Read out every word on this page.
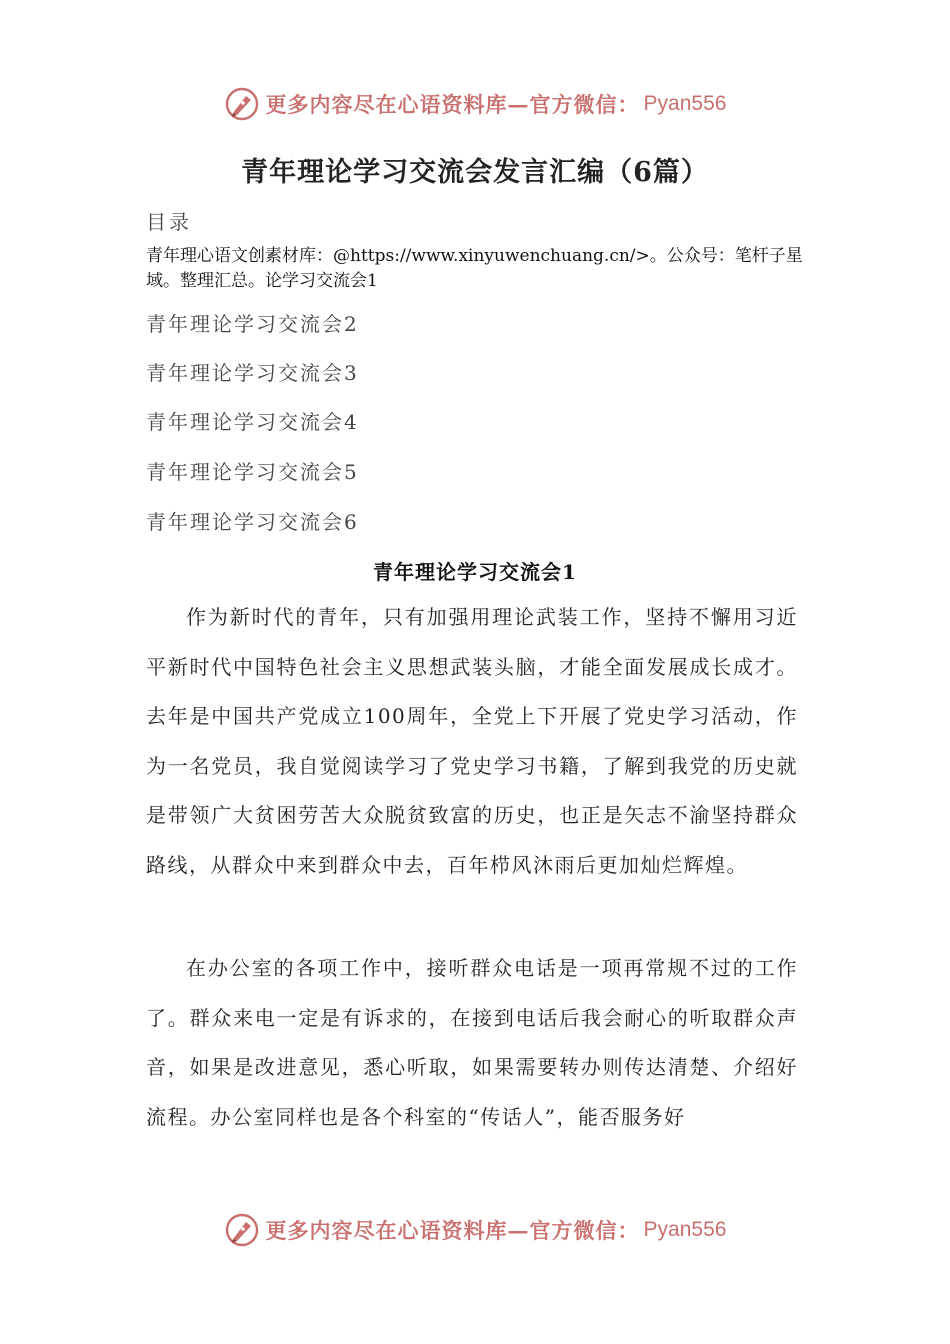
更多内容尽在心语资料库—官方微信： Pyan556
青年理论学习交流会发言汇编（6篇）
目录
青年理心语文创素材库：@https://www.xinyuwenchuang.cn/>。公众号：笔杆子星域。整理汇总。论学习交流会1
青年理论学习交流会2
青年理论学习交流会3
青年理论学习交流会4
青年理论学习交流会5
青年理论学习交流会6
青年理论学习交流会1
作为新时代的青年，只有加强用理论武装工作，坚持不懈用习近平新时代中国特色社会主义思想武装头脑，才能全面发展成长成才。去年是中国共产党成立100周年，全党上下开展了党史学习活动，作为一名党员，我自觉阅读学习了党史学习书籍，了解到我党的历史就是带领广大贫困劳苦大众脱贫致富的历史，也正是矢志不渝坚持群众路线，从群众中来到群众中去，百年栉风沐雨后更加灿烂辉煌。
在办公室的各项工作中，接听群众电话是一项再常规不过的工作了。群众来电一定是有诉求的，在接到电话后我会耐心的听取群众声音，如果是改进意见，悉心听取，如果需要转办则传达清楚、介绍好流程。办公室同样也是各个科室的“传话人”，能否服务好
更多内容尽在心语资料库—官方微信： Pyan556
